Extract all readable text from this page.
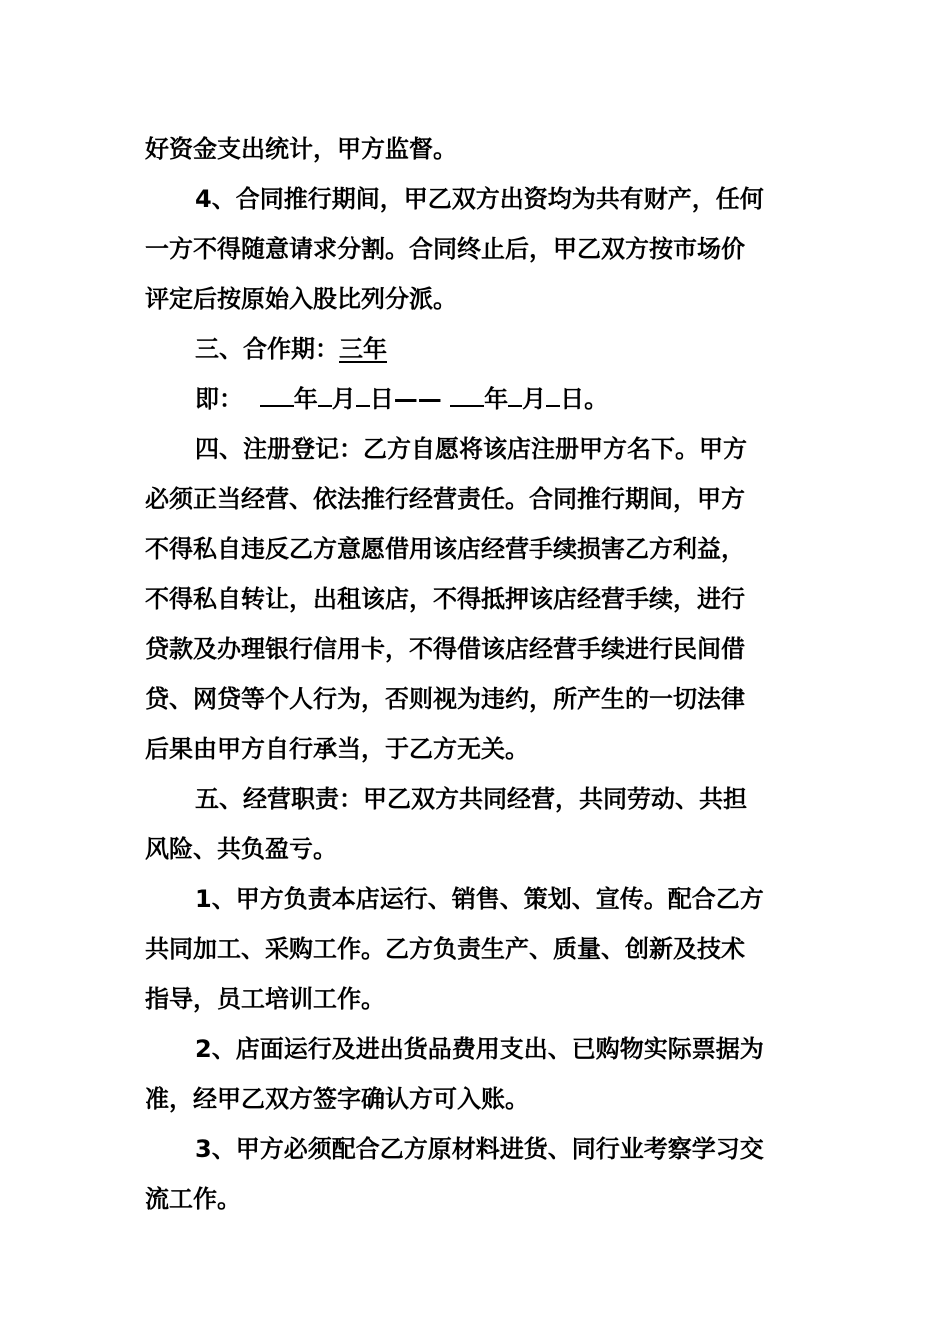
好资金支出统计，甲方监督。
4、合同推行期间，甲乙双方出资均为共有财产，任何
一方不得随意请求分割。合同终止后，甲乙双方按市场价
评定后按原始入股比列分派。
三、合作期：三年
即： 年 月 日—— 年 月 日。
四、注册登记：乙方自愿将该店注册甲方名下。甲方
必须正当经营、依法推行经营责任。合同推行期间，甲方
不得私自违反乙方意愿借用该店经营手续损害乙方利益，
不得私自转让，出租该店，不得抵押该店经营手续，进行
贷款及办理银行信用卡，不得借该店经营手续进行民间借
贷、网贷等个人行为，否则视为违约，所产生的一切法律
后果由甲方自行承当，于乙方无关。
五、经营职责：甲乙双方共同经营，共同劳动、共担
风险、共负盈亏。
1、甲方负责本店运行、销售、策划、宣传。配合乙方
共同加工、采购工作。乙方负责生产、质量、创新及技术
指导，员工培训工作。
2、店面运行及进出货品费用支出、已购物实际票据为
准，经甲乙双方签字确认方可入账。
3、甲方必须配合乙方原材料进货、同行业考察学习交
流工作。
